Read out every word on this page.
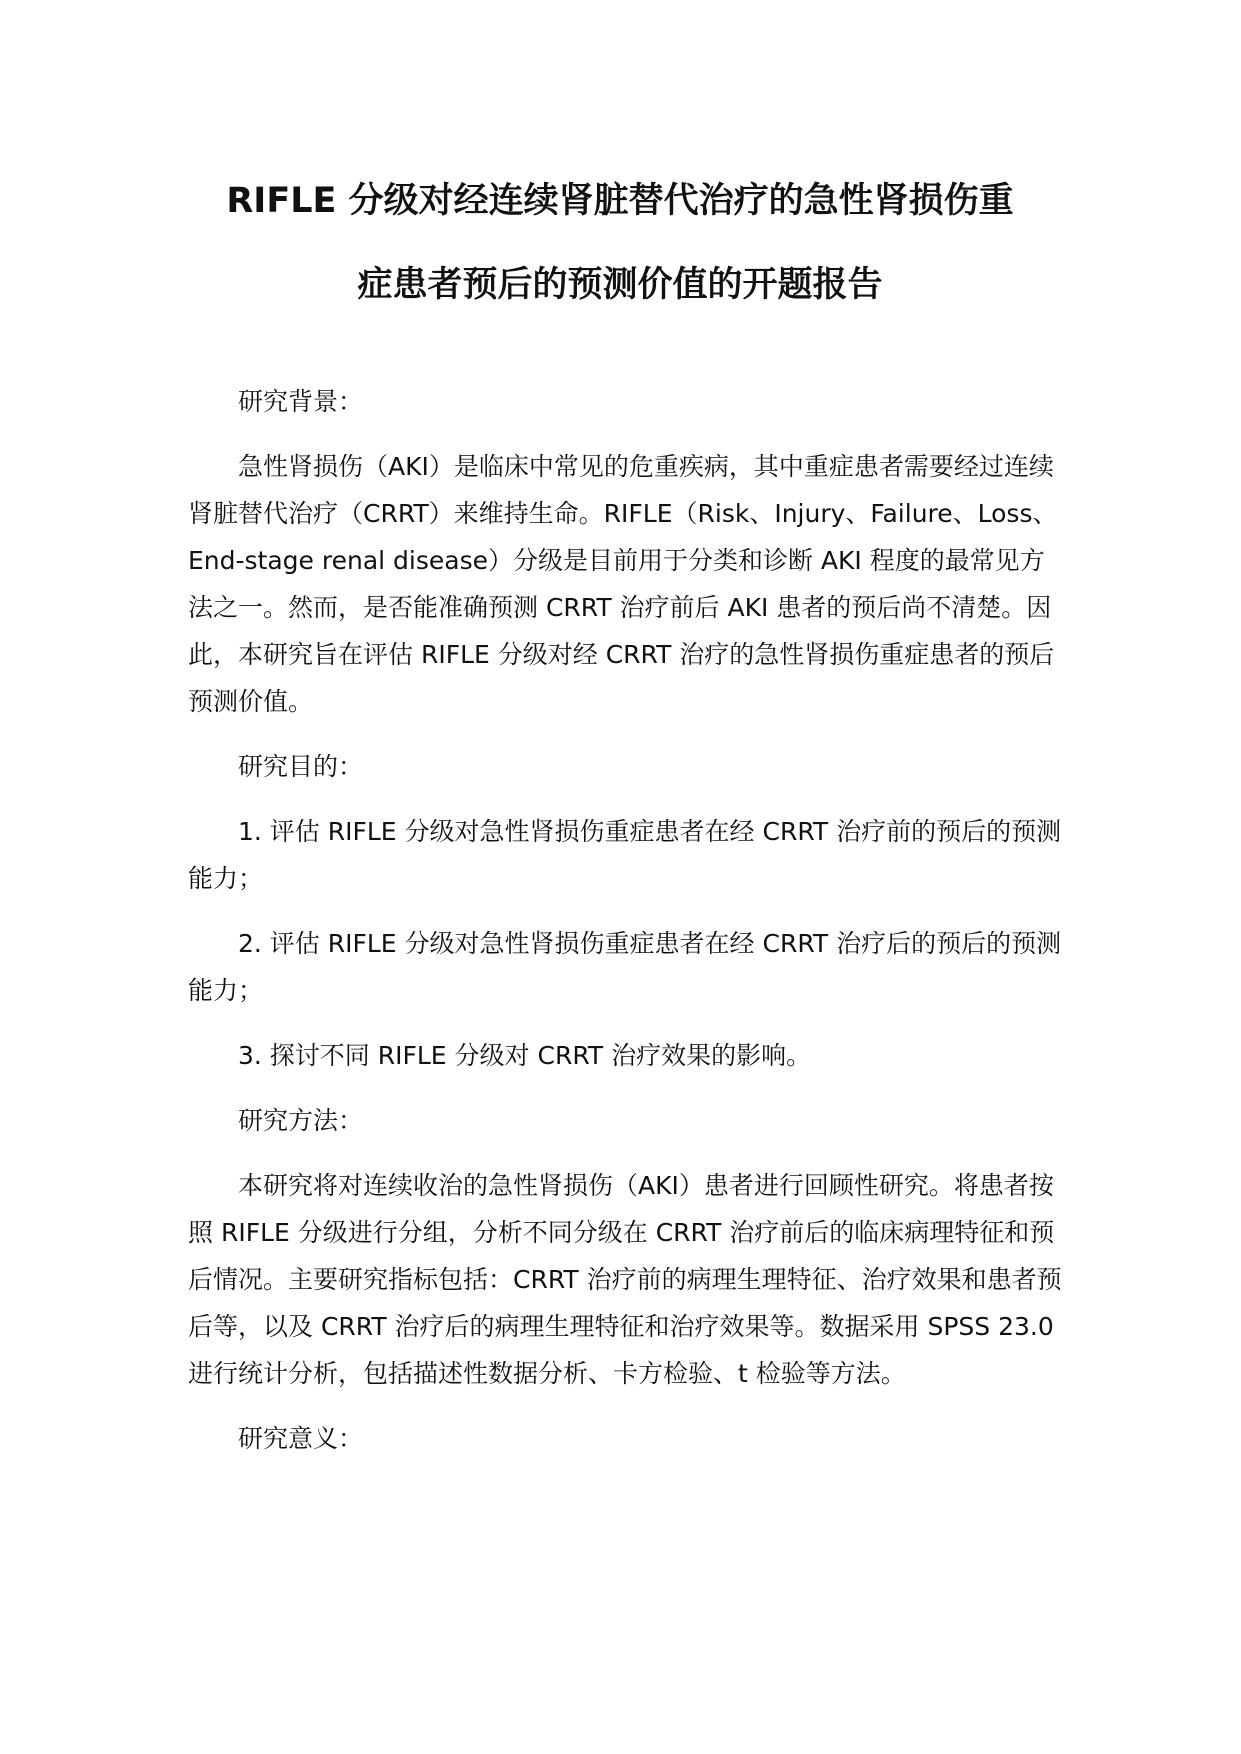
RIFLE 分级对经连续肾脏替代治疗的急性肾损伤重
症患者预后的预测价值的开题报告

研究背景：

急性肾损伤（AKI）是临床中常见的危重疾病，其中重症患者需要经过连续肾脏替代治疗（CRRT）来维持生命。RIFLE（Risk、Injury、Failure、Loss、End-stage renal disease）分级是目前用于分类和诊断 AKI 程度的最常见方法之一。然而，是否能准确预测 CRRT 治疗前后 AKI 患者的预后尚不清楚。因此，本研究旨在评估 RIFLE 分级对经 CRRT 治疗的急性肾损伤重症患者的预后预测价值。

研究目的：

1. 评估 RIFLE 分级对急性肾损伤重症患者在经 CRRT 治疗前的预后的预测能力；

2. 评估 RIFLE 分级对急性肾损伤重症患者在经 CRRT 治疗后的预后的预测能力；

3. 探讨不同 RIFLE 分级对 CRRT 治疗效果的影响。

研究方法：

本研究将对连续收治的急性肾损伤（AKI）患者进行回顾性研究。将患者按照 RIFLE 分级进行分组，分析不同分级在 CRRT 治疗前后的临床病理特征和预后情况。主要研究指标包括：CRRT 治疗前的病理生理特征、治疗效果和患者预后等，以及 CRRT 治疗后的病理生理特征和治疗效果等。数据采用 SPSS 23.0 进行统计分析，包括描述性数据分析、卡方检验、t 检验等方法。

研究意义：
